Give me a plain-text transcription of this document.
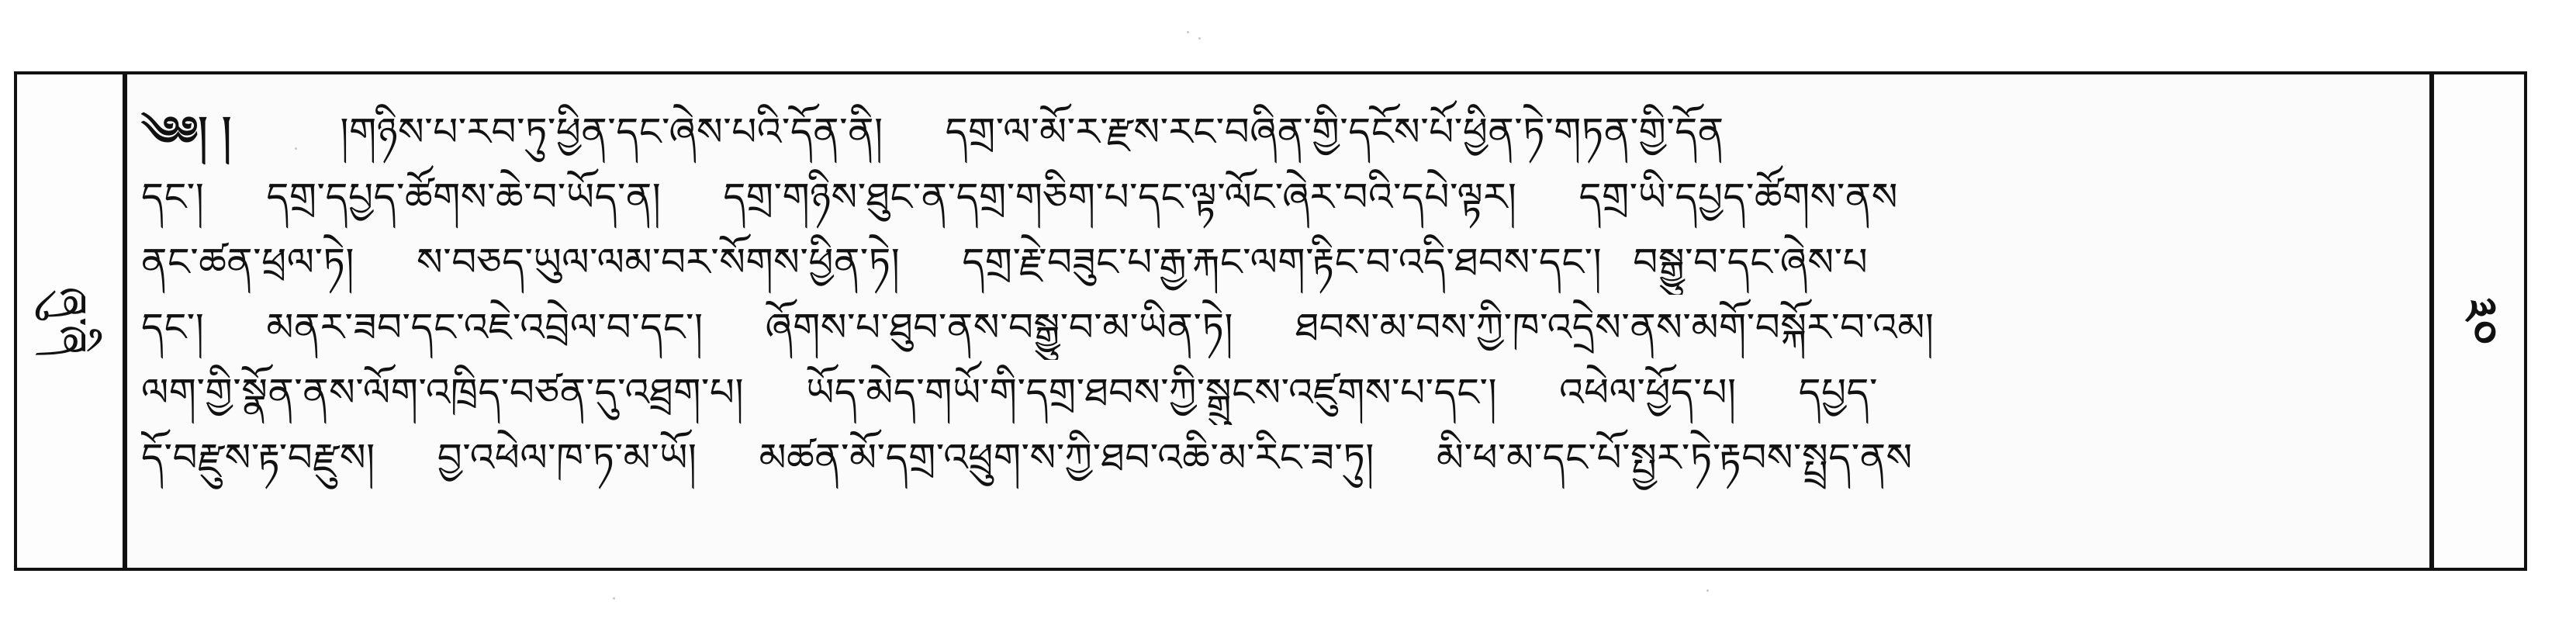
ཞུ་ཞི
༄༅། །	།གཉིས་པ་རབ་ཏུ་ཕྱིན་དང་ཞེས་པའི་དོན་ནི། དགྲ་ལ་མོ་ར་རྫས་རང་བཞིན་གྱི་དངོས་པོ་ཕྱིན་ཏེ་གཏན་གྱི་དོན
དང་། དགྲ་དཔྱད་ཚོགས་ཆེ་བ་ཡོད་ན། དགྲ་གཉིས་ཐུང་ན་དགྲ་གཅིག་པ་དང་ལྟ་ལོང་ཞེར་བའི་དཔེ་ལྟར། དགྲ་ཡི་དཔྱད་ཚོགས་ནས
ནང་ཚན་ཕྲལ་ཏེ། ས་བཅད་ཡུལ་ལམ་བར་སོགས་ཕྱིན་ཏེ། དགྲ་རྗེ་བཟུང་པ་རྒྱ་རྐང་ལག་རྟིང་བ་འདི་ཐབས་དང་། བསྒྱུ་བ་དང་ཞེས་པ
དང་། མནར་ཟབ་དང་འཇེ་འབྲེལ་བ་དང་། ཞོགས་པ་ཐུབ་ནས་བསྒྱུ་བ་མ་ཡིན་ཏེ། ཐབས་མ་བས་ཀྱི་ཁ་འདྲེས་ནས་མགོ་བསྐོར་བ་འམ།
ལག་གྱི་སྣོན་ནས་ལོག་འཁྲིད་བཙན་དུ་འཐྲག་པ། ཡོད་མེད་གཡོ་གི་དགྲ་ཐབས་ཀྱི་སྒྲུངས་འཛུགས་པ་དང་། འཕེལ་ཕྱོད་པ། དཔྱད་
དོ་བརྫུས་རྟ་བརྫུས། བྱ་འཕེལ་ཁ་ཏ་མ་ཡོ། མཚན་མོ་དགྲ་འཕྲུག་ས་ཀྱི་ཐབ་འཆི་མ་རིང་ཟ་ཏུ། མི་ཕ་མ་དང་པོ་སྤྱར་ཏེ་རྟབས་སྤྲད་ནས
༣༠
